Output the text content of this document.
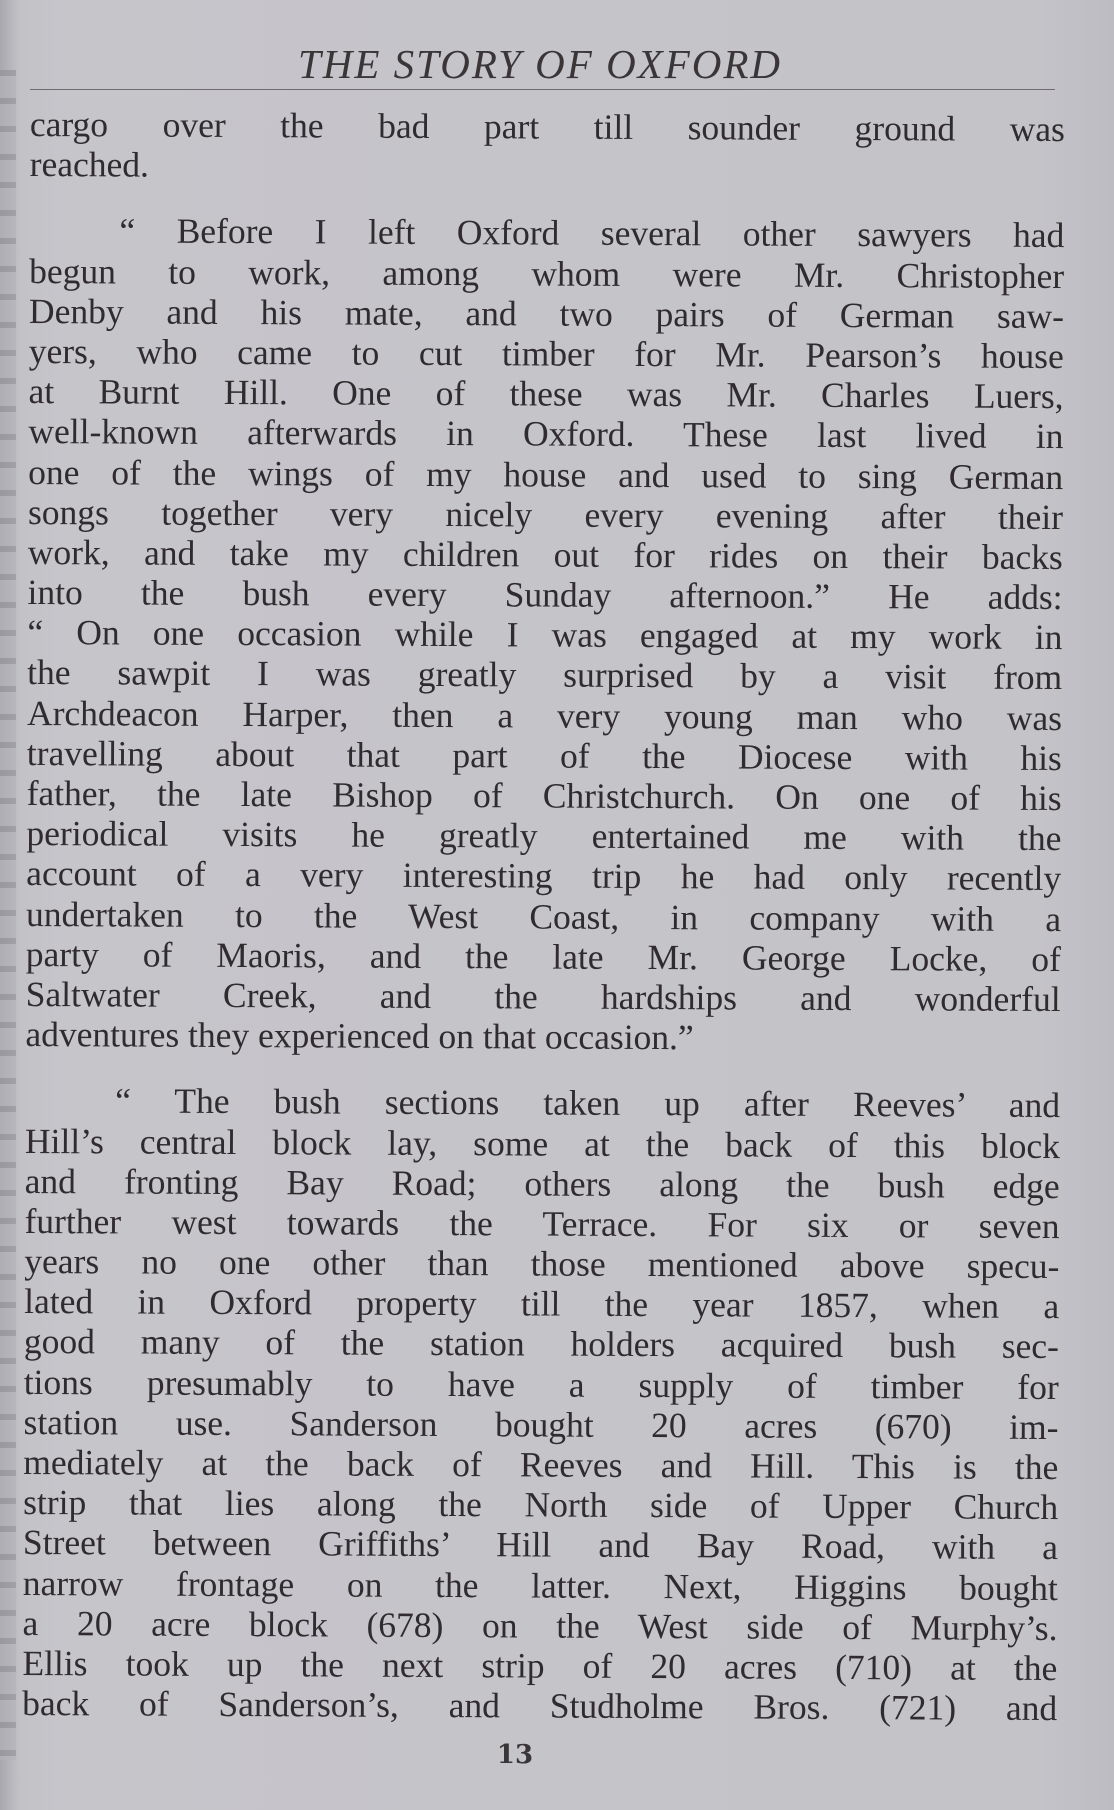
THE STORY OF OXFORD
cargo over the bad part till sounder ground was
reached.
“ Before I left Oxford several other sawyers had
begun to work, among whom were Mr. Christopher
Denby and his mate, and two pairs of German saw-
yers, who came to cut timber for Mr. Pearson’s house
at Burnt Hill. One of these was Mr. Charles Luers,
well-known afterwards in Oxford. These last lived in
one of the wings of my house and used to sing German
songs together very nicely every evening after their
work, and take my children out for rides on their backs
into the bush every Sunday afternoon.” He adds:
“ On one occasion while I was engaged at my work in
the sawpit I was greatly surprised by a visit from
Archdeacon Harper, then a very young man who was
travelling about that part of the Diocese with his
father, the late Bishop of Christchurch. On one of his
periodical visits he greatly entertained me with the
account of a very interesting trip he had only recently
undertaken to the West Coast, in company with a
party of Maoris, and the late Mr. George Locke, of
Saltwater Creek, and the hardships and wonderful
adventures they experienced on that occasion.”
“ The bush sections taken up after Reeves’ and
Hill’s central block lay, some at the back of this block
and fronting Bay Road; others along the bush edge
further west towards the Terrace. For six or seven
years no one other than those mentioned above specu-
lated in Oxford property till the year 1857, when a
good many of the station holders acquired bush sec-
tions presumably to have a supply of timber for
station use. Sanderson bought 20 acres (670) im-
mediately at the back of Reeves and Hill. This is the
strip that lies along the North side of Upper Church
Street between Griffiths’ Hill and Bay Road, with a
narrow frontage on the latter. Next, Higgins bought
a 20 acre block (678) on the West side of Murphy’s.
Ellis took up the next strip of 20 acres (710) at the
back of Sanderson’s, and Studholme Bros. (721) and
13
